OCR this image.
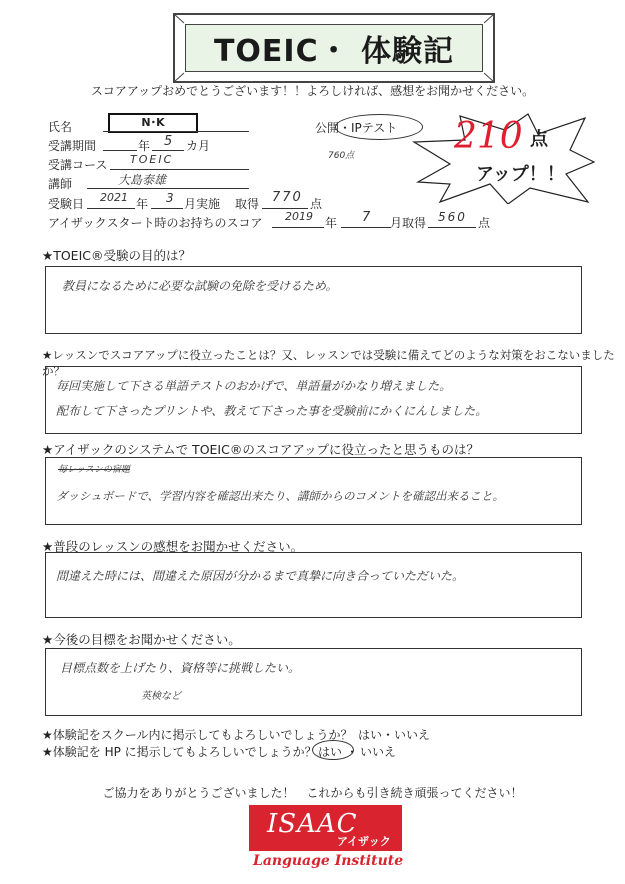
TOEIC・ 体験記
スコアアップおめでとうございます！！よろしければ、感想をお聞かせください。
氏名	N･K
受講期間	年 5 カ月
受講コース TOEIC
講師	大島泰雄
受験日 2021 年 3 月実施 取得 770 点
アイザックスタート時のお持ちのスコア 2019 年 7 月取得 560 点
公開・IPテスト
760点	210 点
アップ！！
★TOEIC®受験の目的は？
教員になるために必要な試験の免除を受けるため。
★レッスンでスコアアップに役立ったことは？又、レッスンでは受験に備えてどのような対策をおこないましたか？
毎回実施して下さる単語テストのおかげで、単語量がかなり増えました。
配布して下さったプリントや、教えて下さった事を受験前にかくにんしました。
★アイザックのシステムで TOEIC®のスコアアップに役立ったと思うものは？
毎レッスンの宿題
ダッシュボードで、学習内容を確認出来たり、講師からのコメントを確認出来ること。
★普段のレッスンの感想をお聞かせください。
間違えた時には、間違えた原因が分かるまで真摯に向き合っていただいた。
★今後の目標をお聞かせください。
目標点数を上げたり、資格等に挑戦したい。
英検など
★体験記をスクール内に掲示してもよろしいでしょうか？ はい・いいえ
★体験記を HP に掲示してもよろしいでしょうか？ はい ・ いいえ
ご協力をありがとうございました！　これからも引き続き頑張ってください！
ISAAC
アイザック
Language Institute
